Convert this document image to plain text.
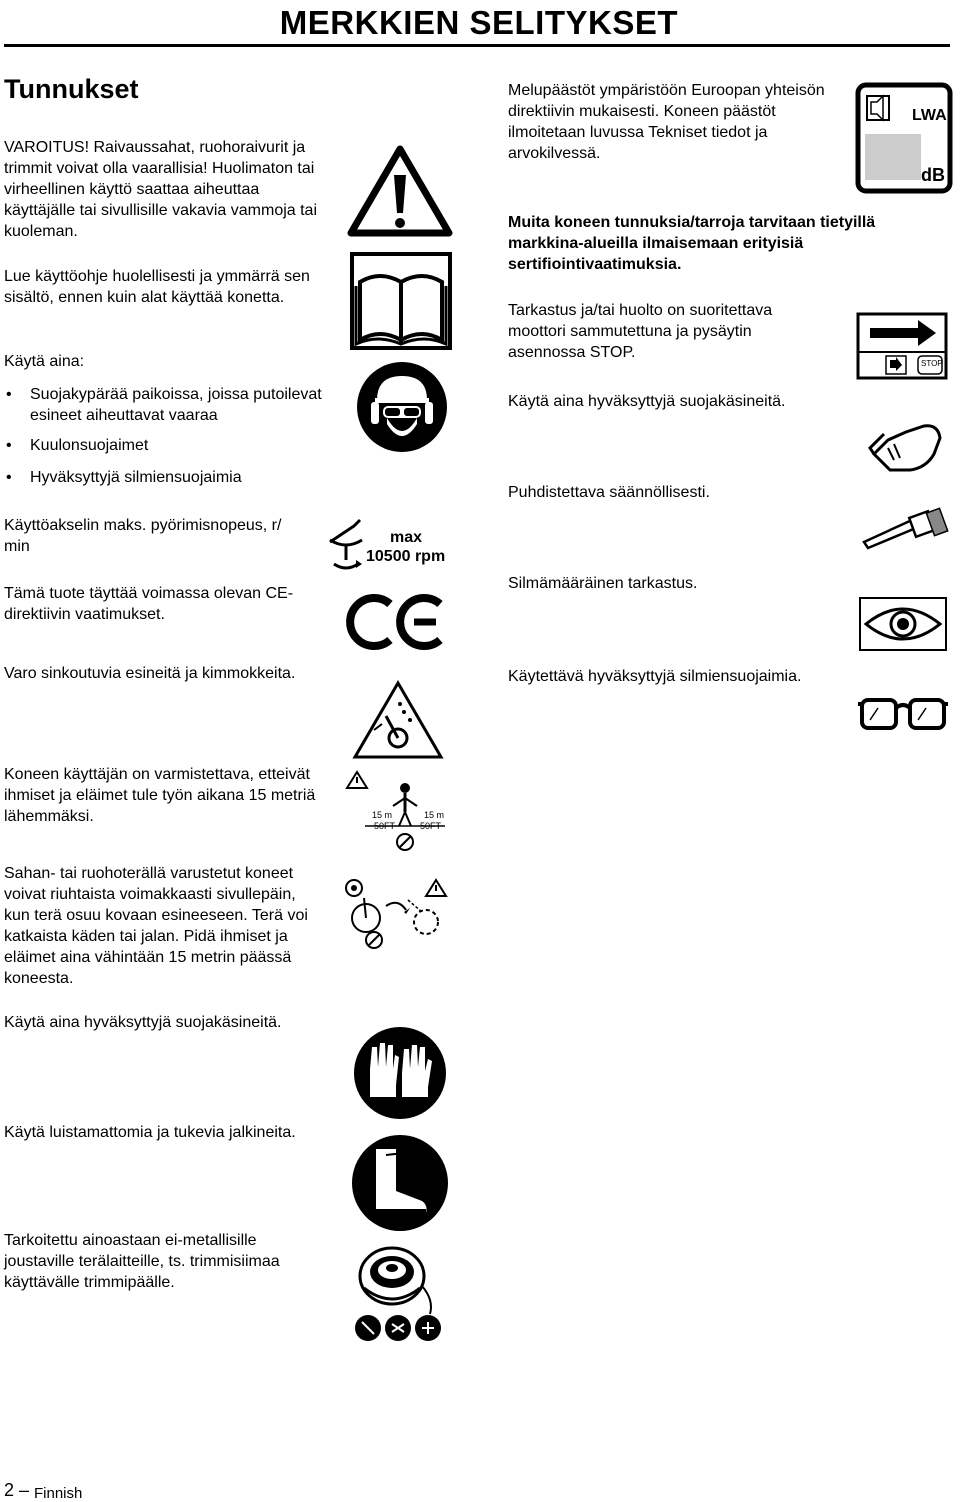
MERKKIEN SELITYKSET
Tunnukset
VAROITUS! Raivaussahat, ruohoraivurit ja trimmit voivat olla vaarallisia! Huolimaton tai virheellinen käyttö saattaa aiheuttaa käyttäjälle tai sivullisille vakavia vammoja tai kuoleman.
Lue käyttöohje huolellisesti ja ymmärrä sen sisältö, ennen kuin alat käyttää konetta.
Käytä aina:
• Suojakypärää paikoissa, joissa putoilevat esineet aiheuttavat vaaraa
• Kuulonsuojaimet
• Hyväksyttyjä silmiensuojaimia
Käyttöakselin maks. pyörimisnopeus, r/ min
Tämä tuote täyttää voimassa olevan CE-direktiivin vaatimukset.
Varo sinkoutuvia esineitä ja kimmokkeita.
Koneen käyttäjän on varmistettava, etteivät ihmiset ja eläimet tule työn aikana 15 metriä lähemmäksi.
Sahan- tai ruohoterällä varustetut koneet voivat riuhtaista voimakkaasti sivullepäin, kun terä osuu kovaan esineeseen. Terä voi katkaista käden tai jalan. Pidä ihmiset ja eläimet aina vähintään 15 metrin päässä koneesta.
Käytä aina hyväksyttyjä suojakäsineitä.
Käytä luistamattomia ja tukevia jalkineita.
Tarkoitettu ainoastaan ei-metallisille joustaville terälaitteille, ts. trimmisiimaa käyttävälle trimmipäälle.
Melupäästöt ympäristöön Euroopan yhteisön direktiivin mukaisesti. Koneen päästöt ilmoitetaan luvussa Tekniset tiedot ja arvokilvessä.
Muita koneen tunnuksia/tarroja tarvitaan tietyillä markkina-alueilla ilmaisemaan erityisiä sertifiointivaatimuksia.
Tarkastus ja/tai huolto on suoritettava moottori sammutettuna ja pysäytin asennossa STOP.
Käytä aina hyväksyttyjä suojakäsineitä.
Puhdistettava säännöllisesti.
Silmämääräinen tarkastus.
Käytettävä hyväksyttyjä silmiensuojaimia.
max
10500 rpm
15 m
50FT
15 m
50FT
LWA
dB
STOP
2 – Finnish
